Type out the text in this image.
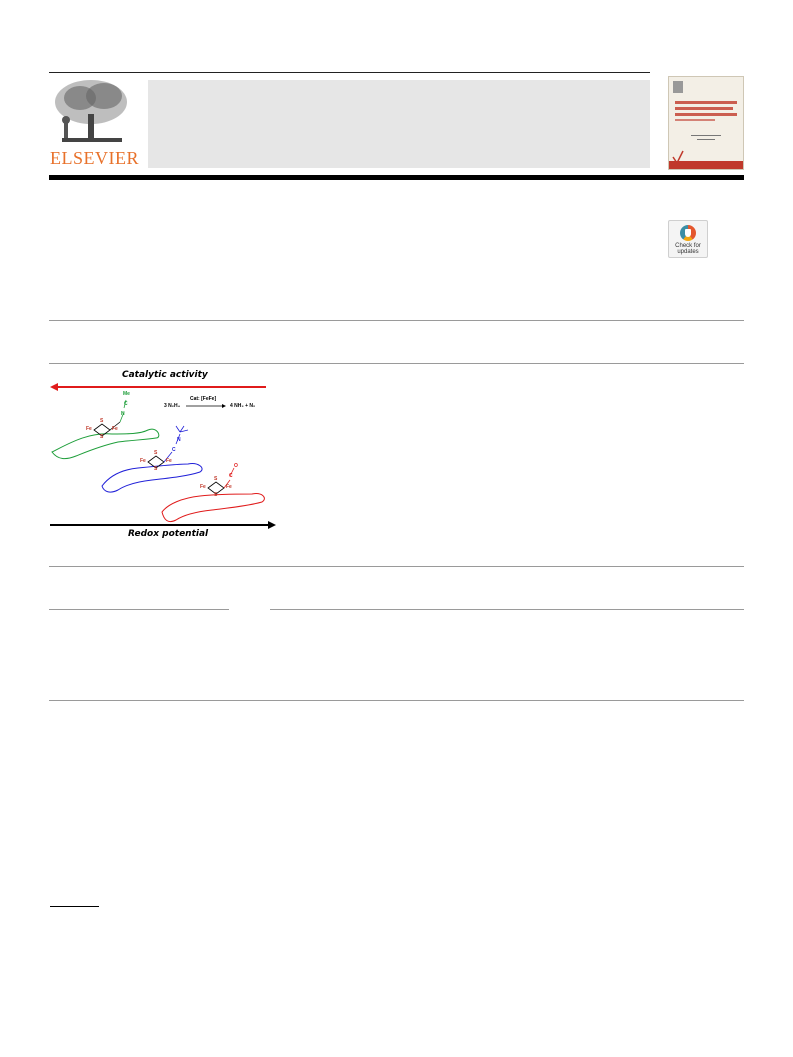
ELSEVIER
Check for
updates
Catalytic activity
Redox potential
Cat: [FeFe]
3 N₂H₄	4 NH₃ + N₂
Me
C
N
Fe	Fe
S
S	N
C
Fe	Fe
S
S	O
C
Fe	Fe
S
S
